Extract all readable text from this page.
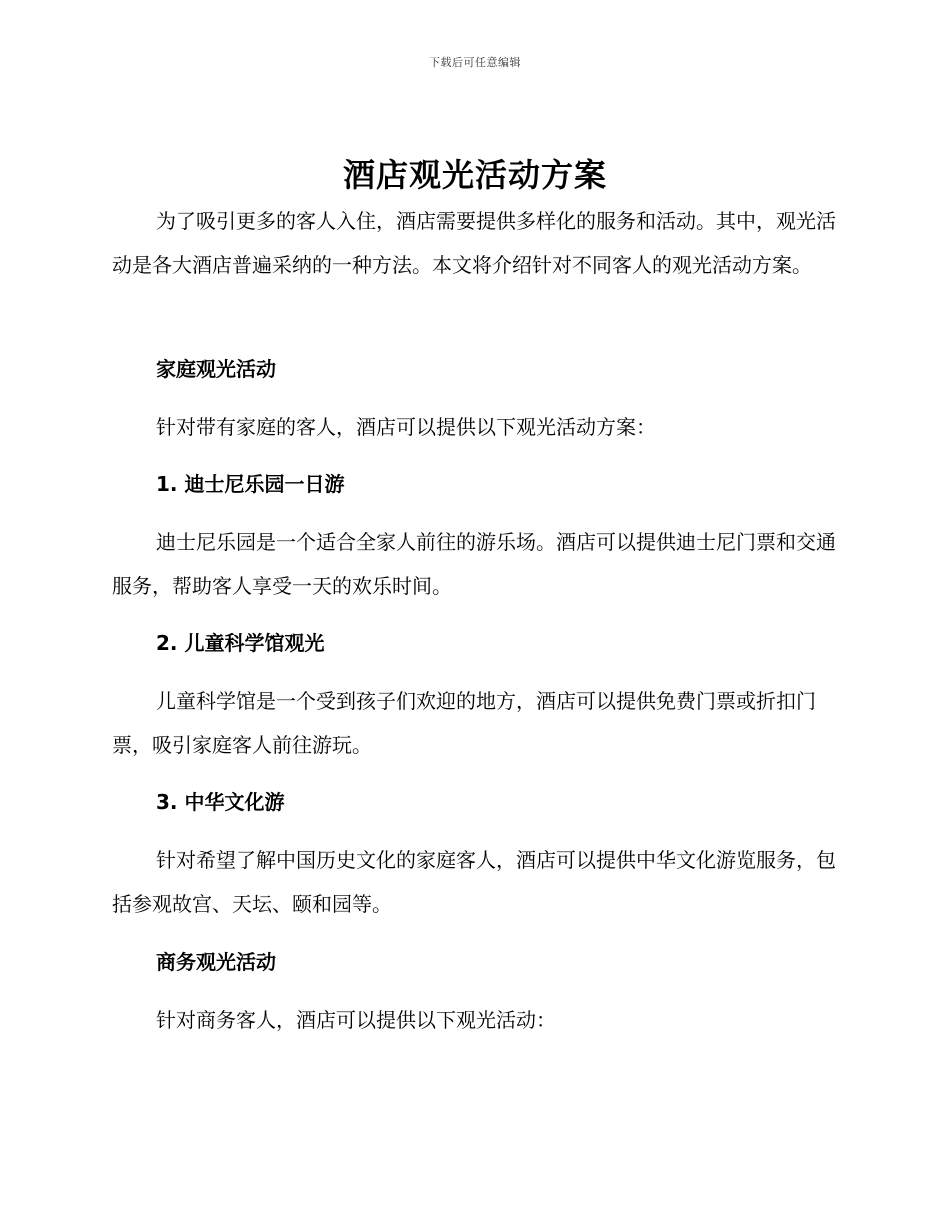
下载后可任意编辑
酒店观光活动方案
为了吸引更多的客人入住，酒店需要提供多样化的服务和活动。其中，观光活动是各大酒店普遍采纳的一种方法。本文将介绍针对不同客人的观光活动方案。
家庭观光活动
针对带有家庭的客人，酒店可以提供以下观光活动方案：
1. 迪士尼乐园一日游
迪士尼乐园是一个适合全家人前往的游乐场。酒店可以提供迪士尼门票和交通服务，帮助客人享受一天的欢乐时间。
2. 儿童科学馆观光
儿童科学馆是一个受到孩子们欢迎的地方，酒店可以提供免费门票或折扣门票，吸引家庭客人前往游玩。
3. 中华文化游
针对希望了解中国历史文化的家庭客人，酒店可以提供中华文化游览服务，包括参观故宫、天坛、颐和园等。
商务观光活动
针对商务客人，酒店可以提供以下观光活动：
